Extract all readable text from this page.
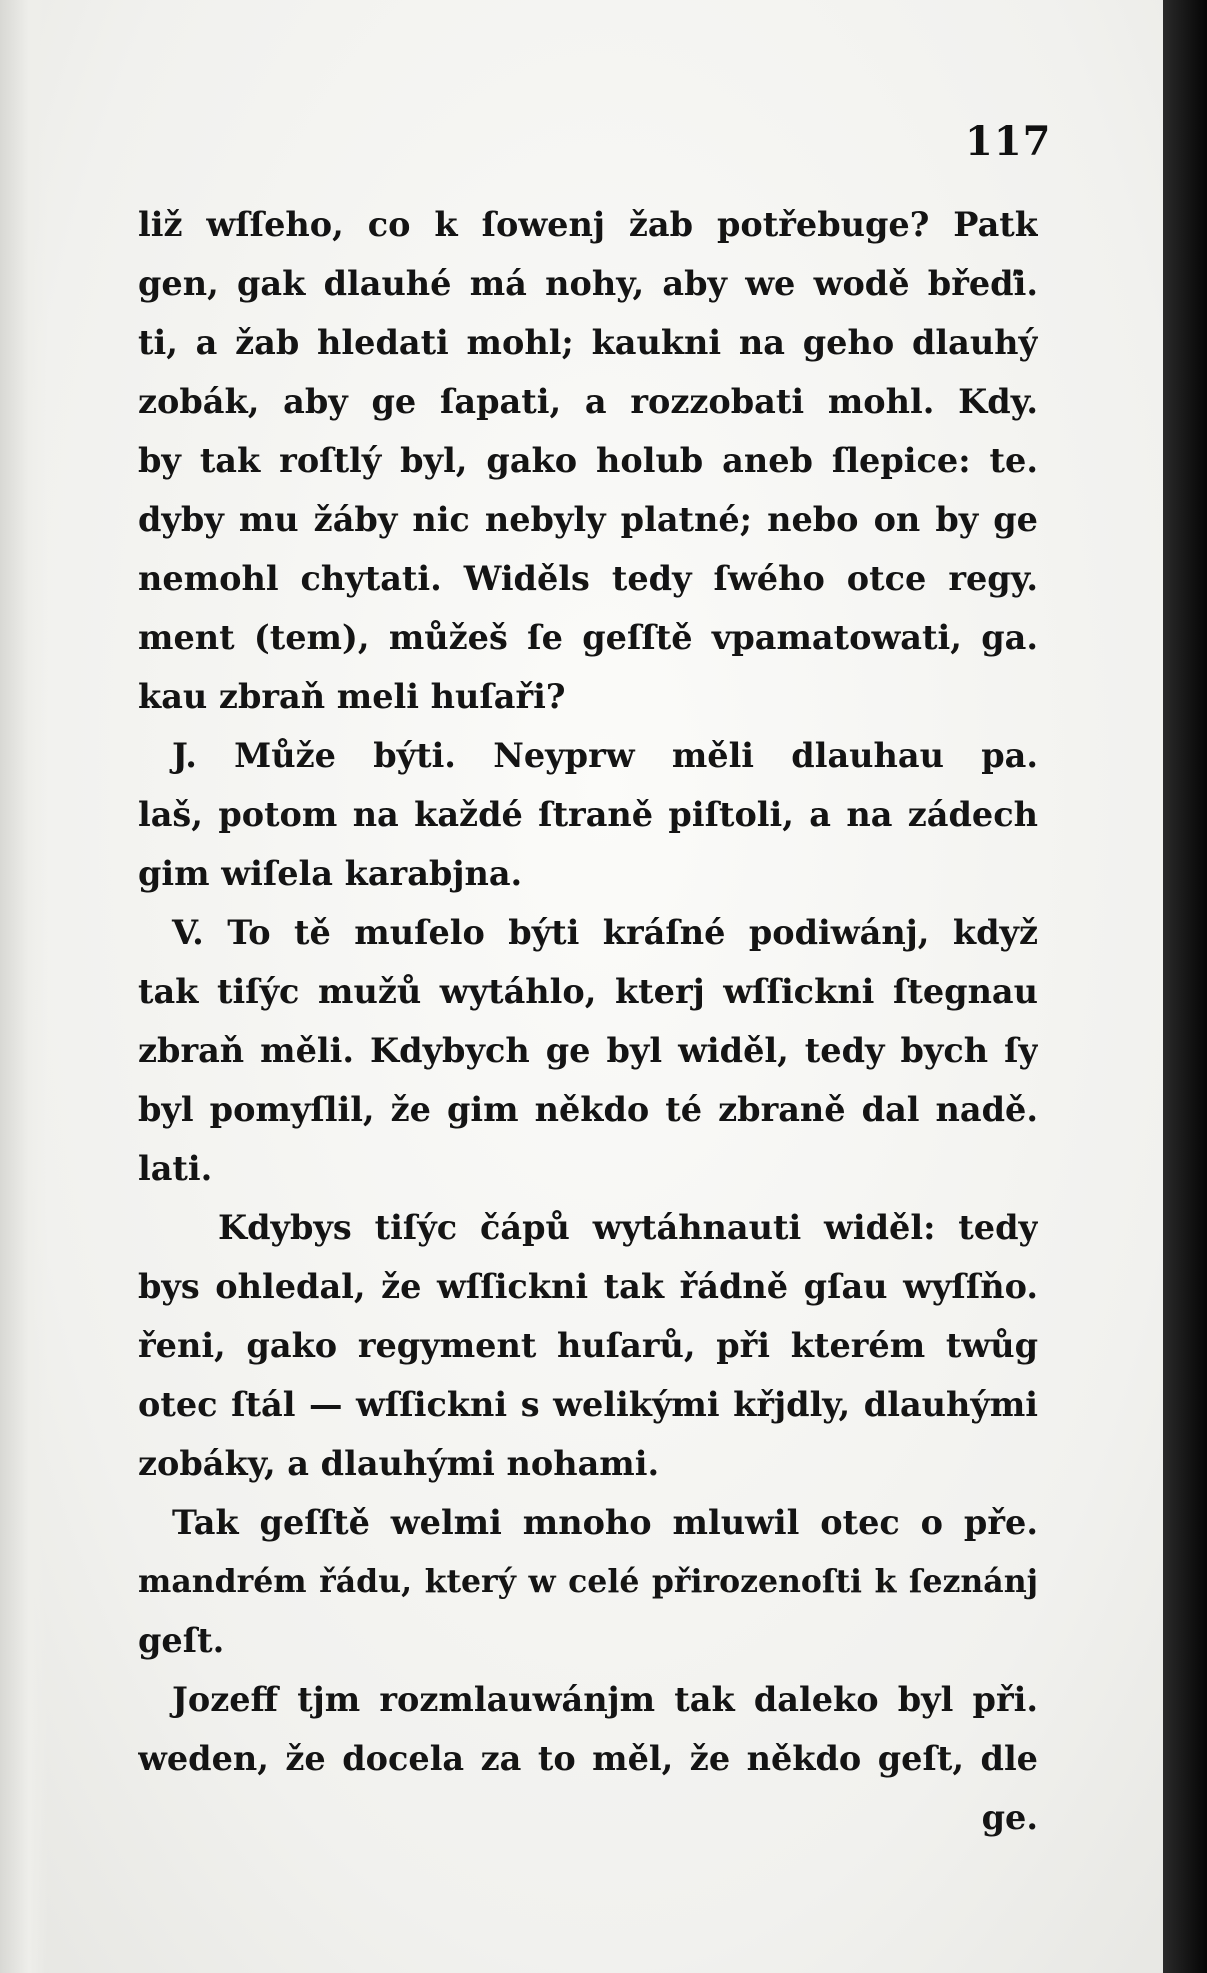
117
liž wſſeho, co k ſowenj žab potřebuge? Patk
gen, gak dlauhé má nohy, aby we wodě břeďi.
ti, a žab hledati mohl; kaukni na geho dlauhý
zobák, aby ge ſapati, a rozzobati mohl. Kdy.
by tak roſtlý byl, gako holub aneb ſlepice: te.
dyby mu žáby nic nebyly platné; nebo on by ge
nemohl chytati. Widěls tedy ſwého otce regy.
ment (tem), můžeš ſe geſſtě vpamatowati, ga.
kau zbraň meli huſaři?
J. Může býti. Neyprw měli dlauhau pa.
laš, potom na každé ſtraně piſtoli, a na zádech
gim wiſela karabjna.
V. To tě muſelo býti kráſné podiwánj, když
tak tiſýc mužů wytáhlo, kterj wſſickni ſtegnau
zbraň měli. Kdybych ge byl widěl, tedy bych ſy
byl pomyſlil, že gim někdo té zbraně dal nadě.
lati.
Kdybys tiſýc čápů wytáhnauti widěl: tedy
bys ohledal, že wſſickni tak řádně gſau wyſſňo.
řeni, gako regyment huſarů, při kterém twůg
otec ſtál — wſſickni s welikými křjdly, dlauhými
zobáky, a dlauhými nohami.
Tak geſſtě welmi mnoho mluwil otec o pře.
mandrém řádu, který w celé přirozenoſti k ſeznánj
geſt.
Jozeff tjm rozmlauwánjm tak daleko byl při.
weden, že docela za to měl, že někdo geſt, dle
ge.
